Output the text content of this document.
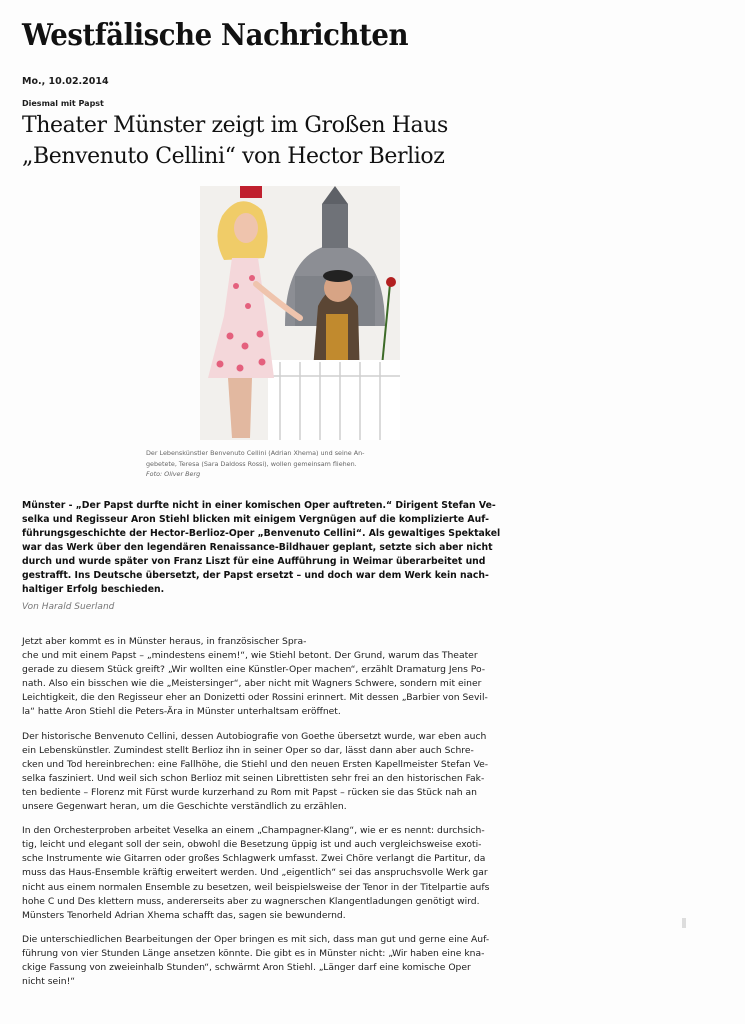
Westfälische Nachrichten
Mo., 10.02.2014
Diesmal mit Papst
Theater Münster zeigt im Großen Haus
„Benvenuto Cellini“ von Hector Berlioz
Der Lebenskünstler Benvenuto Cellini (Adrian Xhema) und seine An-
gebetete, Teresa (Sara Daldoss Rossi), wollen gemeinsam fliehen.
Foto: Oliver Berg
Münster - „Der Papst durfte nicht in einer komischen Oper auftreten.“ Dirigent Stefan Ve-
selka und Regisseur Aron Stiehl blicken mit einigem Vergnügen auf die komplizierte Auf-
führungsgeschichte der Hector-Berlioz-Oper „Benvenuto Cellini“. Als gewaltiges Spektakel
war das Werk über den legendären Renaissance-Bildhauer geplant, setzte sich aber nicht
durch und wurde später von Franz Liszt für eine Aufführung in Weimar überarbeitet und
gestrafft. Ins Deutsche übersetzt, der Papst ersetzt – und doch war dem Werk kein nach-
haltiger Erfolg beschieden.
Von Harald Suerland

Jetzt aber kommt es in Münster heraus, in französischer Spra-
che und mit einem Papst – „mindestens einem!“, wie Stiehl betont. Der Grund, warum das Theater
gerade zu diesem Stück greift? „Wir wollten eine Künstler-Oper machen“, erzählt Dramaturg Jens Po-
nath. Also ein bisschen wie die „Meistersinger“, aber nicht mit Wagners Schwere, sondern mit einer
Leichtigkeit, die den Regisseur eher an Donizetti oder Rossini erinnert. Mit dessen „Barbier von Sevil-
la“ hatte Aron Stiehl die Peters-Ära in Münster unterhaltsam eröffnet.

Der historische Benvenuto Cellini, dessen Autobiografie von Goethe übersetzt wurde, war eben auch
ein Lebenskünstler. Zumindest stellt Berlioz ihn in seiner Oper so dar, lässt dann aber auch Schre-
cken und Tod hereinbrechen: eine Fallhöhe, die Stiehl und den neuen Ersten Kapellmeister Stefan Ve-
selka fasziniert. Und weil sich schon Berlioz mit seinen Librettisten sehr frei an den historischen Fak-
ten bediente – Florenz mit Fürst wurde kurzerhand zu Rom mit Papst – rücken sie das Stück nah an
unsere Gegenwart heran, um die Geschichte verständlich zu erzählen.

In den Orchesterproben arbeitet Veselka an einem „Champagner-Klang“, wie er es nennt: durchsich-
tig, leicht und elegant soll der sein, obwohl die Besetzung üppig ist und auch vergleichsweise exoti-
sche Instrumente wie Gitarren oder großes Schlagwerk umfasst. Zwei Chöre verlangt die Partitur, da
muss das Haus-Ensemble kräftig erweitert werden. Und „eigentlich“ sei das anspruchsvolle Werk gar
nicht aus einem normalen Ensemble zu besetzen, weil beispielsweise der Tenor in der Titelpartie aufs
hohe C und Des klettern muss, andererseits aber zu wagnerschen Klangentladungen genötigt wird.
Münsters Tenorheld Adrian Xhema schafft das, sagen sie bewundernd.

Die unterschiedlichen Bearbeitungen der Oper bringen es mit sich, dass man gut und gerne eine Auf-
führung von vier Stunden Länge ansetzen könnte. Die gibt es in Münster nicht: „Wir haben eine kna-
ckige Fassung von zweieinhalb Stunden“, schwärmt Aron Stiehl. „Länger darf eine komische Oper
nicht sein!“
